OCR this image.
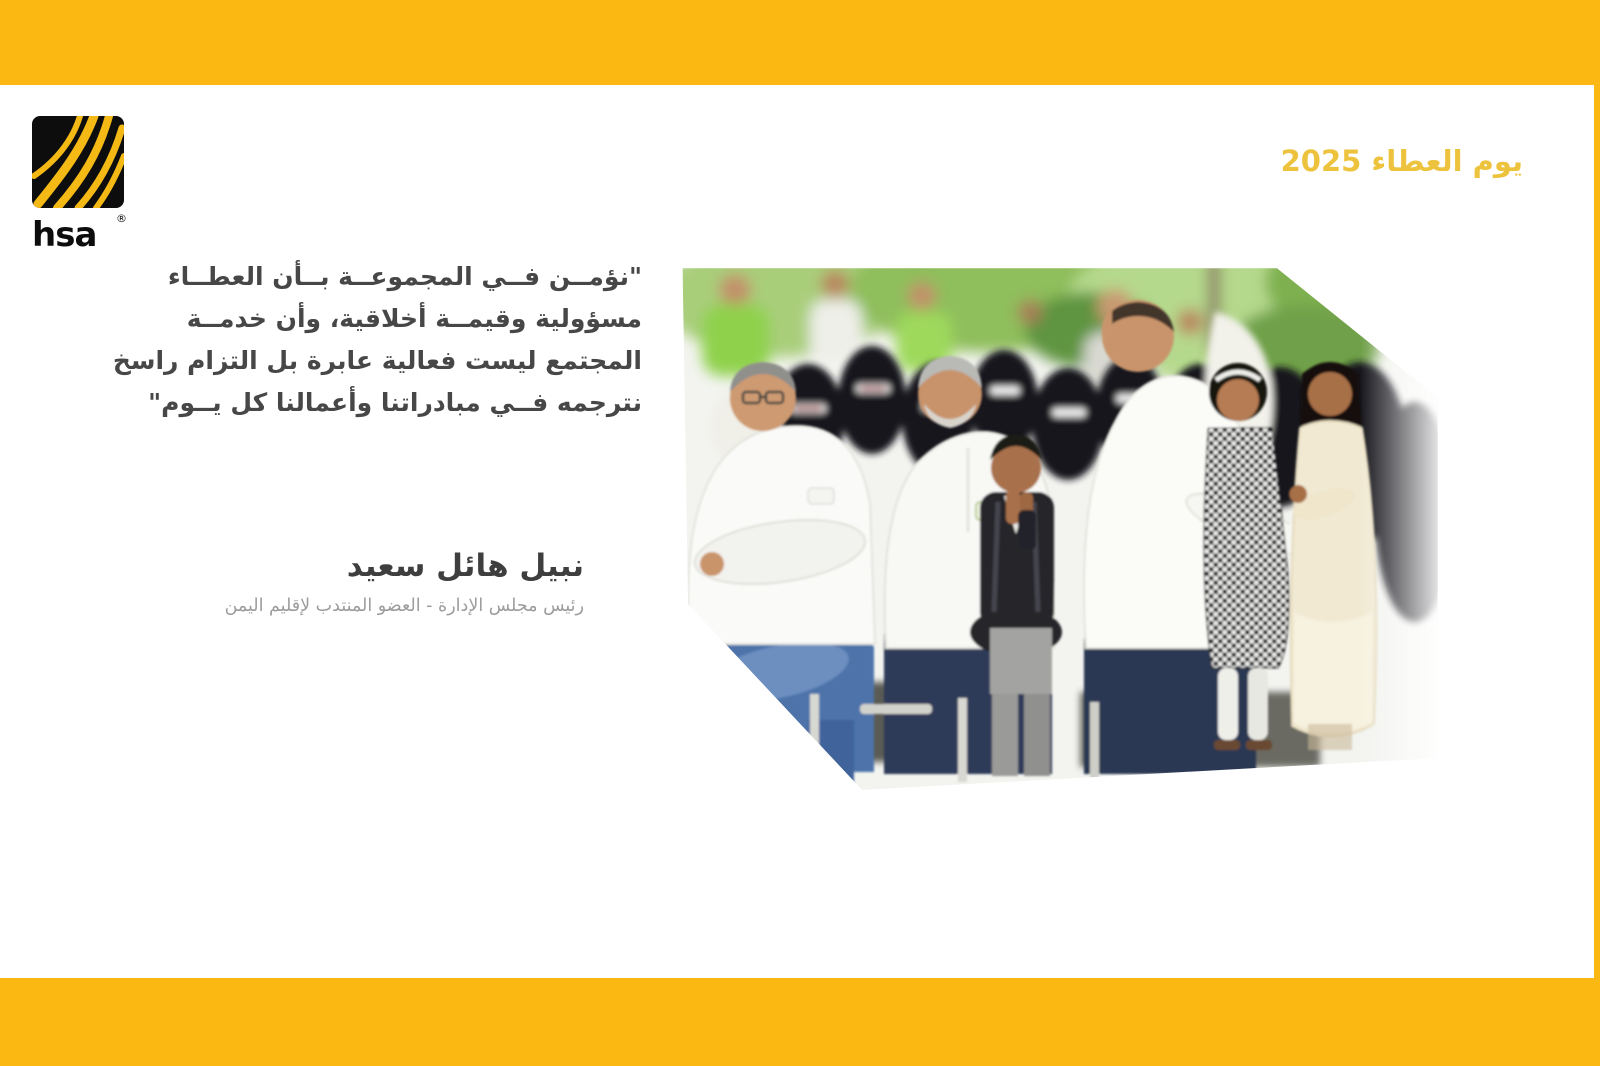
hsa ®
يوم العطاء 2025
"نؤمــن فــي المجموعــة بــأن العطــاء
مسؤولية وقيمــة أخلاقية، وأن خدمــة
المجتمع ليست فعالية عابرة بل التزام راسخ
نترجمه فــي مبادراتنا وأعمالنا كل يــوم"
نبيل هائل سعيد
رئيس مجلس الإدارة - العضو المنتدب لإقليم اليمن
